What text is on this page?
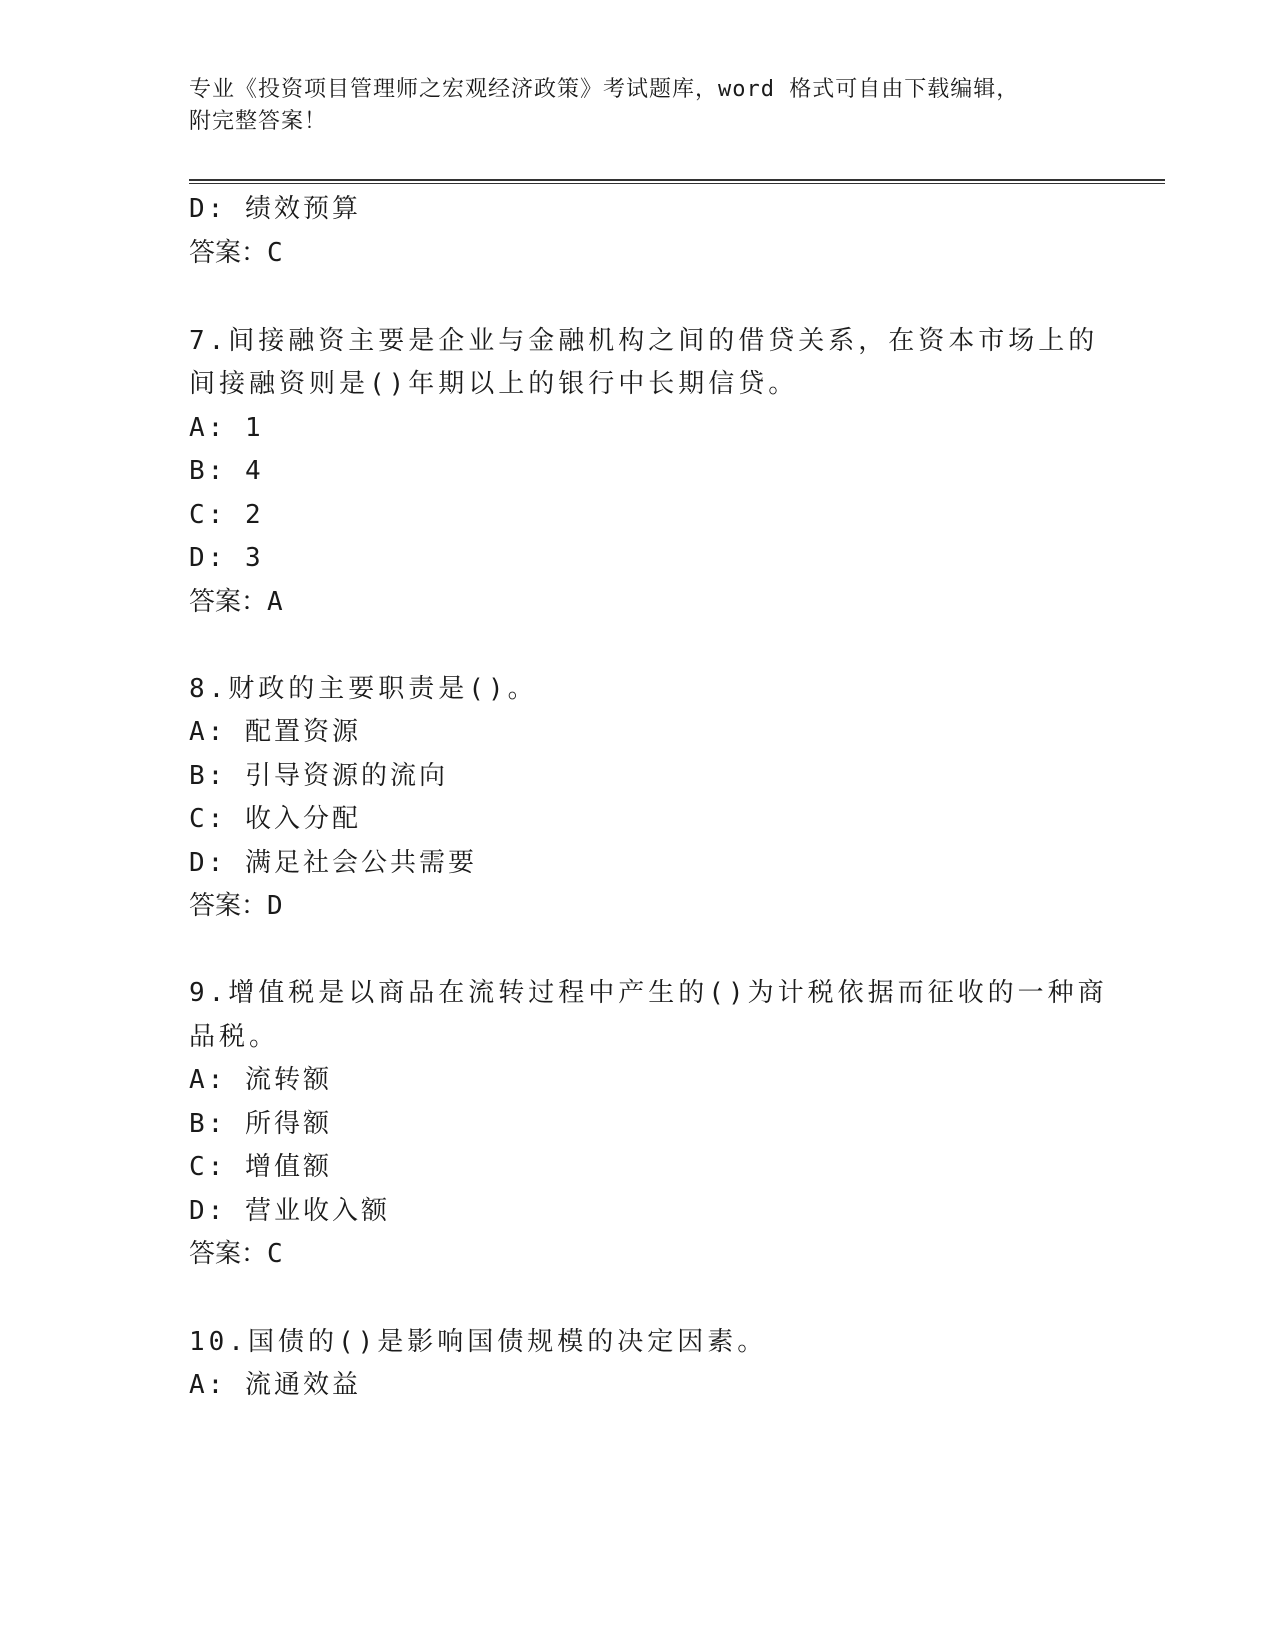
专业《投资项目管理师之宏观经济政策》考试题库，word 格式可自由下载编辑，
附完整答案！
D: 绩效预算
答案：C
7.间接融资主要是企业与金融机构之间的借贷关系，在资本市场上的
间接融资则是()年期以上的银行中长期信贷。
A: 1
B: 4
C: 2
D: 3
答案：A
8.财政的主要职责是()。
A: 配置资源
B: 引导资源的流向
C: 收入分配
D: 满足社会公共需要
答案：D
9.增值税是以商品在流转过程中产生的()为计税依据而征收的一种商
品税。
A: 流转额
B: 所得额
C: 增值额
D: 营业收入额
答案：C
10.国债的()是影响国债规模的决定因素。
A: 流通效益
